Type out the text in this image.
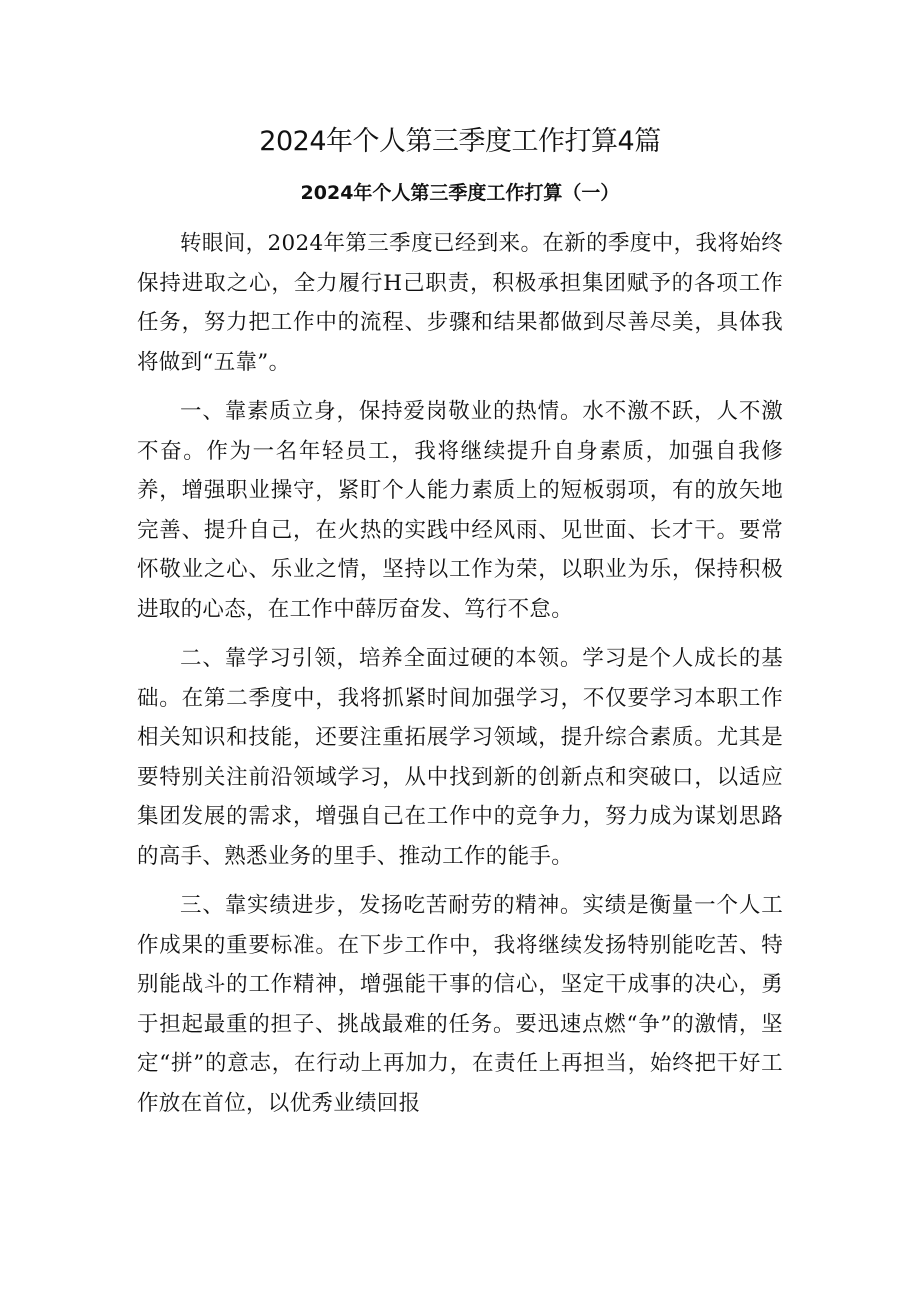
2024年个人第三季度工作打算4篇
2024年个人第三季度工作打算（一）

转眼间，2024年第三季度已经到来。在新的季度中，我将始终保持进取之心，全力履行H己职责，积极承担集团赋予的各项工作任务，努力把工作中的流程、步骤和结果都做到尽善尽美，具体我将做到“五靠”。

一、靠素质立身，保持爱岗敬业的热情。水不激不跃，人不激不奋。作为一名年轻员工，我将继续提升自身素质，加强自我修养，增强职业操守，紧盯个人能力素质上的短板弱项，有的放矢地完善、提升自己，在火热的实践中经风雨、见世面、长才干。要常怀敬业之心、乐业之情，坚持以工作为荣，以职业为乐，保持积极进取的心态，在工作中薛厉奋发、笃行不怠。

二、靠学习引领，培养全面过硬的本领。学习是个人成长的基础。在第二季度中，我将抓紧时间加强学习，不仅要学习本职工作相关知识和技能，还要注重拓展学习领域，提升综合素质。尤其是要特别关注前沿领域学习，从中找到新的创新点和突破口，以适应集团发展的需求，增强自己在工作中的竞争力，努力成为谋划思路的高手、熟悉业务的里手、推动工作的能手。

三、靠实绩进步，发扬吃苦耐劳的精神。实绩是衡量一个人工作成果的重要标准。在下步工作中，我将继续发扬特别能吃苦、特别能战斗的工作精神，增强能干事的信心，坚定干成事的决心，勇于担起最重的担子、挑战最难的任务。要迅速点燃“争”的激情，坚定“拼”的意志，在行动上再加力，在责任上再担当，始终把干好工作放在首位，以优秀业绩回报
